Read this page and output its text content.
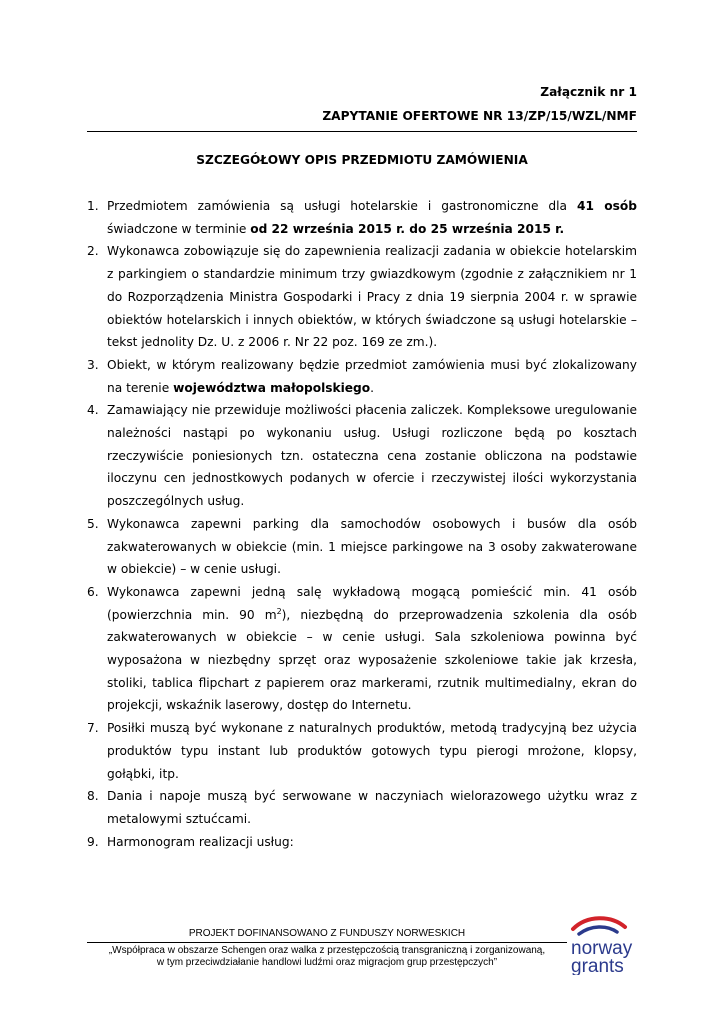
Załącznik nr 1
ZAPYTANIE OFERTOWE NR 13/ZP/15/WZL/NMF
SZCZEGÓŁOWY OPIS PRZEDMIOTU ZAMÓWIENIA
1. Przedmiotem zamówienia są usługi hotelarskie i gastronomiczne dla 41 osób świadczone w terminie od 22 września 2015 r. do 25 września 2015 r.
2. Wykonawca zobowiązuje się do zapewnienia realizacji zadania w obiekcie hotelarskim z parkingiem o standardzie minimum trzy gwiazdkowym (zgodnie z załącznikiem nr 1 do Rozporządzenia Ministra Gospodarki i Pracy z dnia 19 sierpnia 2004 r. w sprawie obiektów hotelarskich i innych obiektów, w których świadczone są usługi hotelarskie – tekst jednolity Dz. U. z 2006 r. Nr 22 poz. 169 ze zm.).
3. Obiekt, w którym realizowany będzie przedmiot zamówienia musi być zlokalizowany na terenie województwa małopolskiego.
4. Zamawiający nie przewiduje możliwości płacenia zaliczek. Kompleksowe uregulowanie należności nastąpi po wykonaniu usług. Usługi rozliczone będą po kosztach rzeczywiście poniesionych tzn. ostateczna cena zostanie obliczona na podstawie iloczynu cen jednostkowych podanych w ofercie i rzeczywistej ilości wykorzystania poszczególnych usług.
5. Wykonawca zapewni parking dla samochodów osobowych i busów dla osób zakwaterowanych w obiekcie (min. 1 miejsce parkingowe na 3 osoby zakwaterowane w obiekcie) – w cenie usługi.
6. Wykonawca zapewni jedną salę wykładową mogącą pomieścić min. 41 osób (powierzchnia min. 90 $m^2$), niezbędną do przeprowadzenia szkolenia dla osób zakwaterowanych w obiekcie – w cenie usługi. Sala szkoleniowa powinna być wyposażona w niezbędny sprzęt oraz wyposażenie szkoleniowe takie jak krzesła, stoliki, tablica flipchart z papierem oraz markerami, rzutnik multimedialny, ekran do projekcji, wskaźnik laserowy, dostęp do Internetu.
7. Posiłki muszą być wykonane z naturalnych produktów, metodą tradycyjną bez użycia produktów typu instant lub produktów gotowych typu pierogi mrożone, klopsy, gołąbki, itp.
8. Dania i napoje muszą być serwowane w naczyniach wielorazowego użytku wraz z metalowymi sztućcami.
9. Harmonogram realizacji usług:
PROJEKT DOFINANSOWANO Z FUNDUSZY NORWESKICH
„Współpraca w obszarze Schengen oraz walka z przestępczością transgraniczną i zorganizowaną,
w tym przeciwdziałanie handlowi ludźmi oraz migracjom grup przestępczych”
norway
grants
